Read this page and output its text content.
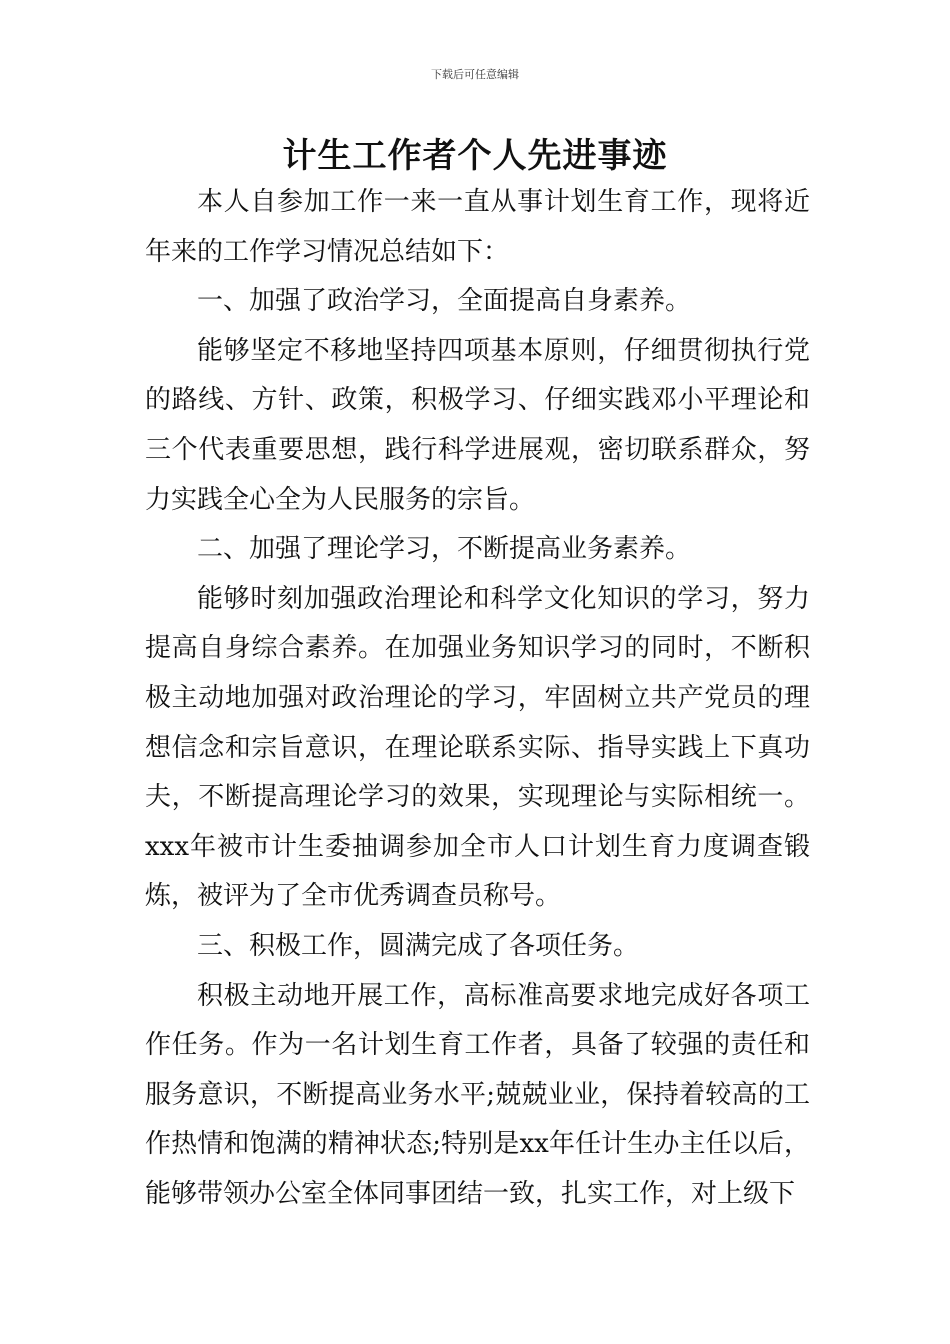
下载后可任意编辑
计生工作者个人先进事迹

本人自参加工作一来一直从事计划生育工作，现将近年来的工作学习情况总结如下：

一、加强了政治学习，全面提高自身素养。

能够坚定不移地坚持四项基本原则，仔细贯彻执行党的路线、方针、政策，积极学习、仔细实践邓小平理论和三个代表重要思想，践行科学进展观，密切联系群众，努力实践全心全为人民服务的宗旨。

二、加强了理论学习，不断提高业务素养。

能够时刻加强政治理论和科学文化知识的学习，努力提高自身综合素养。在加强业务知识学习的同时，不断积极主动地加强对政治理论的学习，牢固树立共产党员的理想信念和宗旨意识，在理论联系实际、指导实践上下真功夫，不断提高理论学习的效果，实现理论与实际相统一。xxx年被市计生委抽调参加全市人口计划生育力度调查锻炼，被评为了全市优秀调查员称号。

三、积极工作，圆满完成了各项任务。

积极主动地开展工作，高标准高要求地完成好各项工作任务。作为一名计划生育工作者，具备了较强的责任和服务意识，不断提高业务水平;兢兢业业，保持着较高的工作热情和饱满的精神状态;特别是xx年任计生办主任以后，能够带领办公室全体同事团结一致，扎实工作，对上级下
